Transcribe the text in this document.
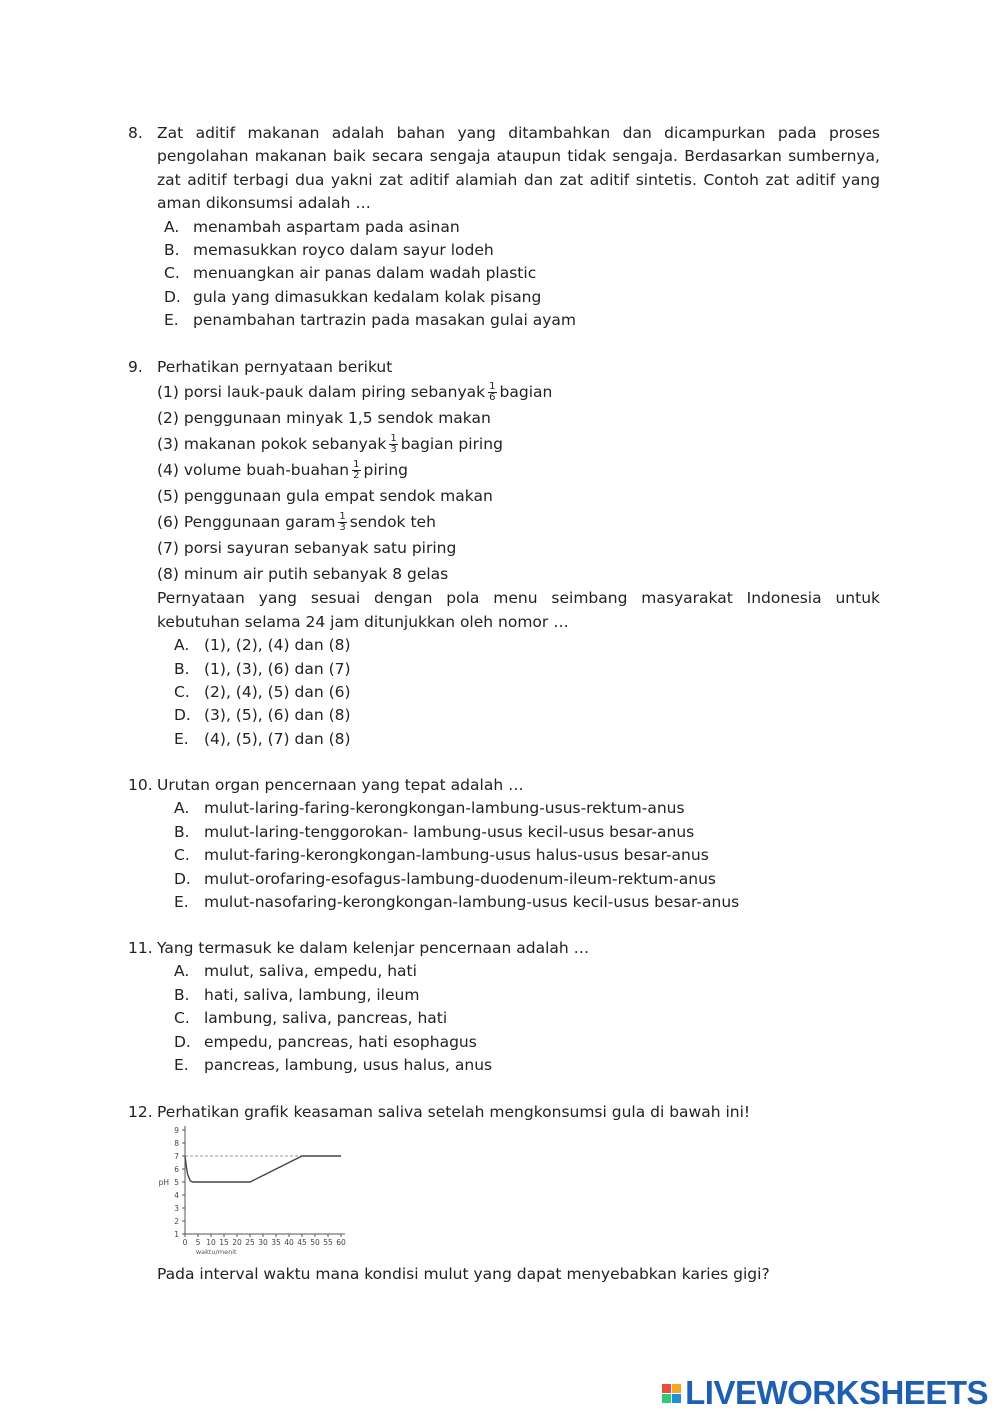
8. Zat aditif makanan adalah bahan yang ditambahkan dan dicampurkan pada proses pengolahan makanan baik secara sengaja ataupun tidak sengaja. Berdasarkan sumbernya, zat aditif terbagi dua yakni zat aditif alamiah dan zat aditif sintetis. Contoh zat aditif yang aman dikonsumsi adalah …
A. menambah aspartam pada asinan
B. memasukkan royco dalam sayur lodeh
C. menuangkan air panas dalam wadah plastic
D. gula yang dimasukkan kedalam kolak pisang
E. penambahan tartrazin pada masakan gulai ayam
9. Perhatikan pernyataan berikut
(1) porsi lauk-pauk dalam piring sebanyak $\frac{1}{6}$ bagian
(2) penggunaan minyak 1,5 sendok makan
(3) makanan pokok sebanyak $\frac{1}{3}$ bagian piring
(4) volume buah-buahan $\frac{1}{2}$ piring
(5) penggunaan gula empat sendok makan
(6) Penggunaan garam $\frac{1}{3}$ sendok teh
(7) porsi sayuran sebanyak satu piring
(8) minum air putih sebanyak 8 gelas
Pernyataan yang sesuai dengan pola menu seimbang masyarakat Indonesia untuk kebutuhan selama 24 jam ditunjukkan oleh nomor …
A. (1), (2), (4) dan (8)
B. (1), (3), (6) dan (7)
C. (2), (4), (5) dan (6)
D. (3), (5), (6) dan (8)
E. (4), (5), (7) dan (8)
10. Urutan organ pencernaan yang tepat adalah …
A. mulut-laring-faring-kerongkongan-lambung-usus-rektum-anus
B. mulut-laring-tenggorokan- lambung-usus kecil-usus besar-anus
C. mulut-faring-kerongkongan-lambung-usus halus-usus besar-anus
D. mulut-orofaring-esofagus-lambung-duodenum-ileum-rektum-anus
E. mulut-nasofaring-kerongkongan-lambung-usus kecil-usus besar-anus
11. Yang termasuk ke dalam kelenjar pencernaan adalah …
A. mulut, saliva, empedu, hati
B. hati, saliva, lambung, ileum
C. lambung, saliva, pancreas, hati
D. empedu, pancreas, hati esophagus
E. pancreas, lambung, usus halus, anus
12. Perhatikan grafik keasaman saliva setelah mengkonsumsi gula di bawah ini!
1
2
3
4
5
6
7
8
9
0 5 10 15 20 25 30 35 40 45 50 55 60
pH
waktu/menit
Pada interval waktu mana kondisi mulut yang dapat menyebabkan karies gigi?
LIVEWORKSHEETS
